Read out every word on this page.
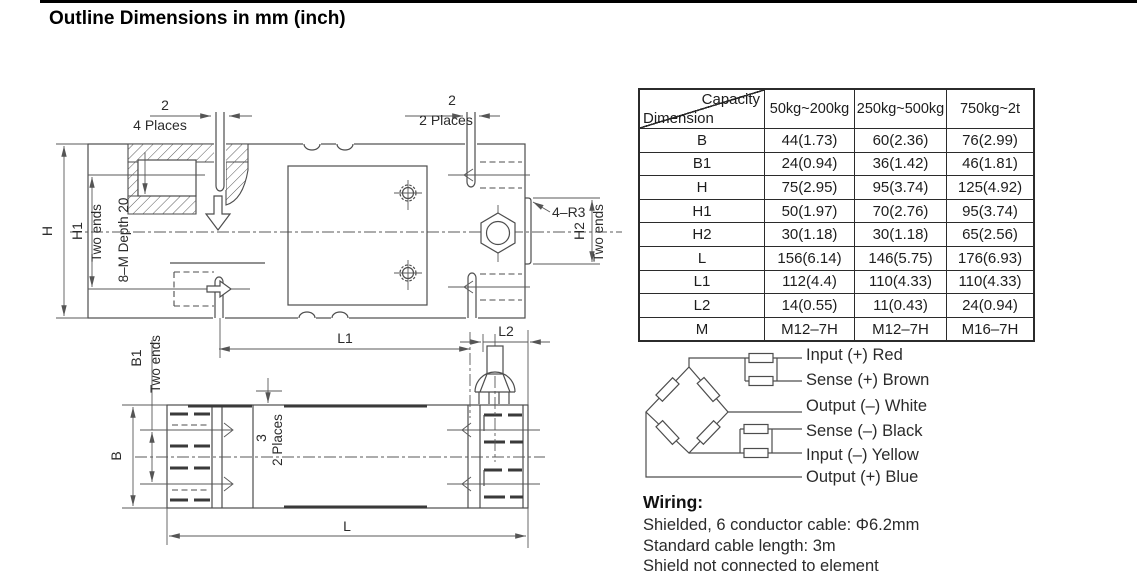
Outline Dimensions in mm (inch)
2
4 Places
2
2 Places
H H1 Two ends 8–M Depth 20	4–R3
H2 Two ends
B1 Two ends
B
3 2 Places
L1	L2
L
Capacity
Dimension	50kg~200kg	250kg~500kg	750kg~2t
B	44(1.73)	60(2.36)	76(2.99)
B1	24(0.94)	36(1.42)	46(1.81)
H	75(2.95)	95(3.74)	125(4.92)
H1	50(1.97)	70(2.76)	95(3.74)
H2	30(1.18)	30(1.18)	65(2.56)
L	156(6.14)	146(5.75)	176(6.93)
L1	112(4.4)	110(4.33)	110(4.33)
L2	14(0.55)	11(0.43)	24(0.94)
M	M12–7H	M12–7H	M16–7H
Input (+) Red
Sense (+) Brown
Output (–) White
Sense (–) Black
Input (–) Yellow
Output (+) Blue
Wiring:
Shielded, 6 conductor cable: Φ6.2mm
Standard cable length: 3m
Shield not connected to element
